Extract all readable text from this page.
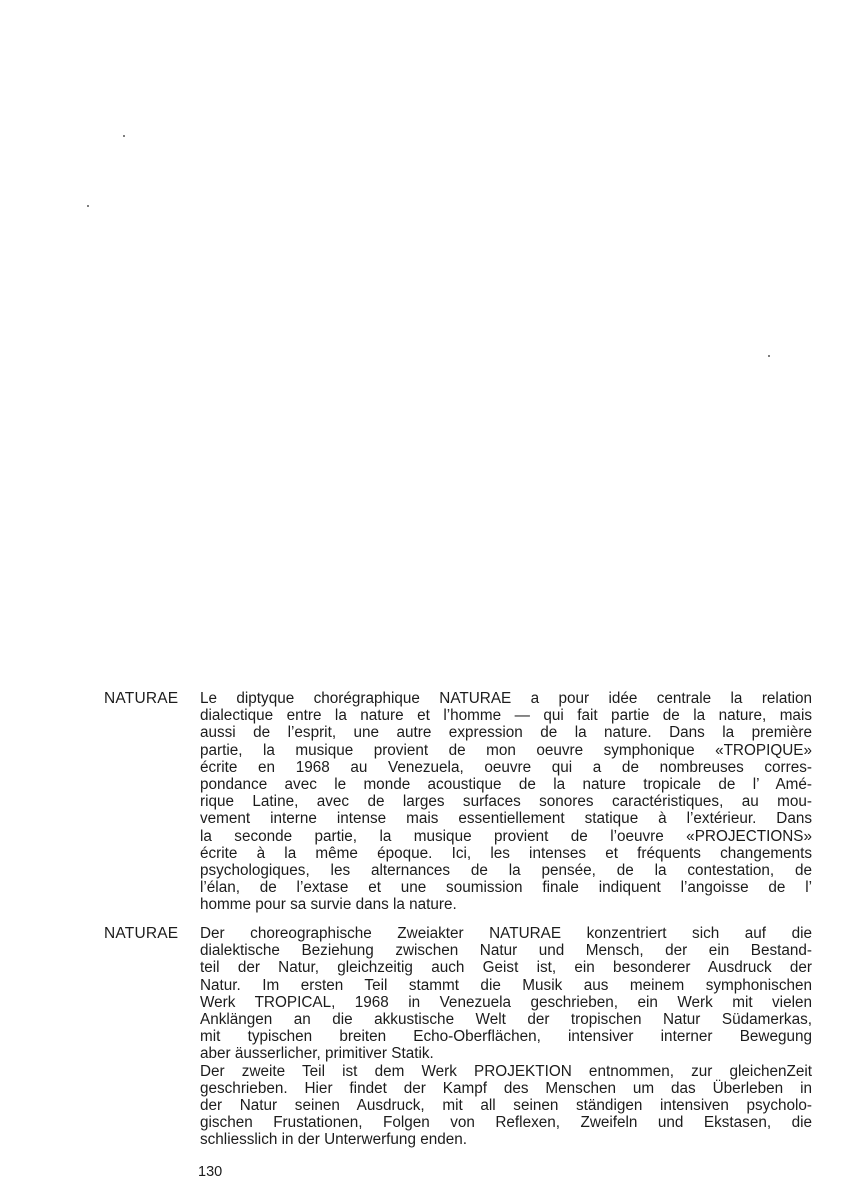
NATURAE	Le diptyque chorégraphique NATURAE a pour idée centrale la relation
dialectique entre la nature et l’homme — qui fait partie de la nature, mais
aussi de l’esprit, une autre expression de la nature. Dans la première
partie, la musique provient de mon oeuvre symphonique «TROPIQUE»
écrite en 1968 au Venezuela, oeuvre qui a de nombreuses corres-
pondance avec le monde acoustique de la nature tropicale de l’ Amé-
rique Latine, avec de larges surfaces sonores caractéristiques, au mou-
vement interne intense mais essentiellement statique à l’extérieur. Dans
la seconde partie, la musique provient de l’oeuvre «PROJECTIONS»
écrite à la même époque. Ici, les intenses et fréquents changements
psychologiques, les alternances de la pensée, de la contestation, de
l’élan, de l’extase et une soumission finale indiquent l’angoisse de l’
homme pour sa survie dans la nature.
NATURAE	Der choreographische Zweiakter NATURAE konzentriert sich auf die
dialektische Beziehung zwischen Natur und Mensch, der ein Bestand-
teil der Natur, gleichzeitig auch Geist ist, ein besonderer Ausdruck der
Natur. Im ersten Teil stammt die Musik aus meinem symphonischen
Werk TROPICAL, 1968 in Venezuela geschrieben, ein Werk mit vielen
Anklängen an die akkustische Welt der tropischen Natur Südamerkas,
mit typischen breiten Echo-Oberflächen, intensiver interner Bewegung
aber äusserlicher, primitiver Statik.
Der zweite Teil ist dem Werk PROJEKTION entnommen, zur gleichenZeit
geschrieben. Hier findet der Kampf des Menschen um das Überleben in
der Natur seinen Ausdruck, mit all seinen ständigen intensiven psycholo-
gischen Frustationen, Folgen von Reflexen, Zweifeln und Ekstasen, die
schliesslich in der Unterwerfung enden.
130
